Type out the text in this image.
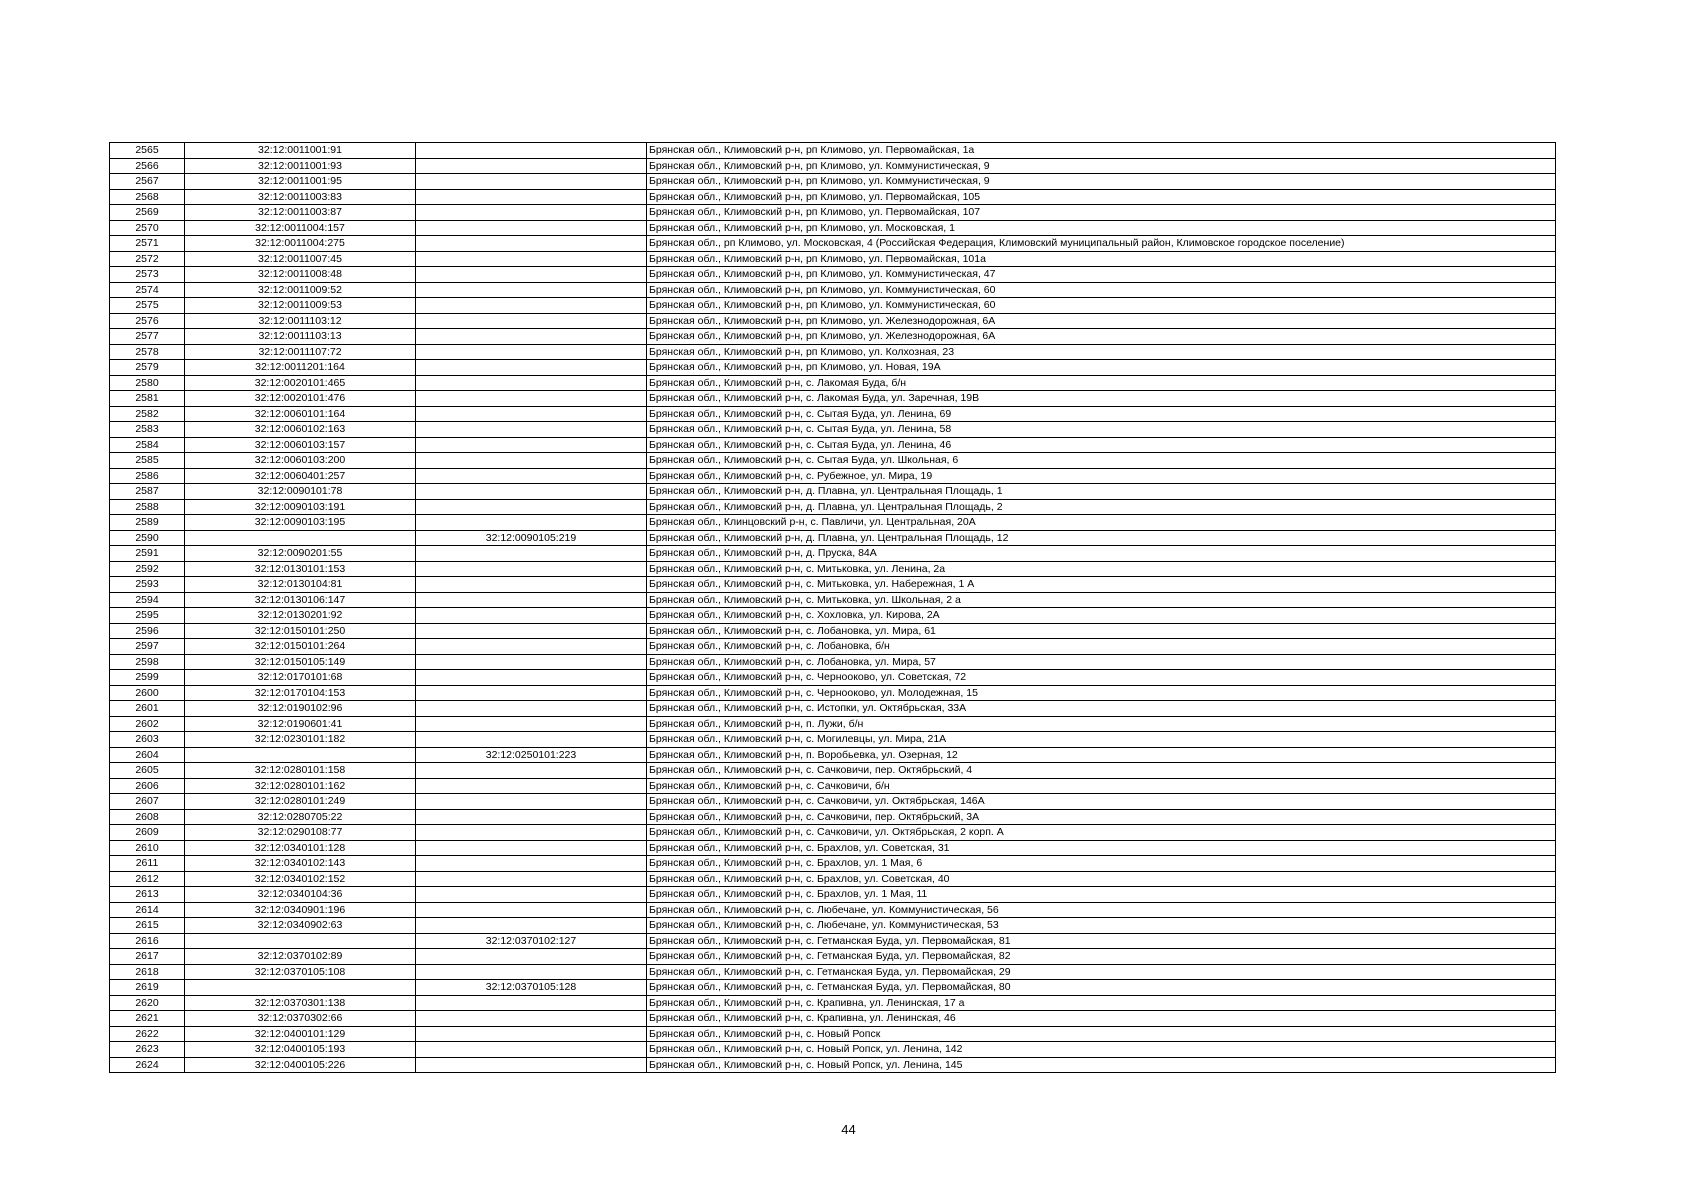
2565	32:12:0011001:91		Брянская обл., Климовский р-н, рп Климово, ул. Первомайская, 1а
2566	32:12:0011001:93		Брянская обл., Климовский р-н, рп Климово, ул. Коммунистическая, 9
2567	32:12:0011001:95		Брянская обл., Климовский р-н, рп Климово, ул. Коммунистическая, 9
2568	32:12:0011003:83		Брянская обл., Климовский р-н, рп Климово, ул. Первомайская, 105
2569	32:12:0011003:87		Брянская обл., Климовский р-н, рп Климово, ул. Первомайская, 107
2570	32:12:0011004:157		Брянская обл., Климовский р-н, рп Климово, ул. Московская, 1
2571	32:12:0011004:275		Брянская обл., рп Климово, ул. Московская, 4 (Российская Федерация, Климовский муниципальный район, Климовское городское поселение)
2572	32:12:0011007:45		Брянская обл., Климовский р-н, рп Климово, ул. Первомайская, 101а
2573	32:12:0011008:48		Брянская обл., Климовский р-н, рп Климово, ул. Коммунистическая, 47
2574	32:12:0011009:52		Брянская обл., Климовский р-н, рп Климово, ул. Коммунистическая, 60
2575	32:12:0011009:53		Брянская обл., Климовский р-н, рп Климово, ул. Коммунистическая, 60
2576	32:12:0011103:12		Брянская обл., Климовский р-н, рп Климово, ул. Железнодорожная, 6А
2577	32:12:0011103:13		Брянская обл., Климовский р-н, рп Климово, ул. Железнодорожная, 6А
2578	32:12:0011107:72		Брянская обл., Климовский р-н, рп Климово, ул. Колхозная, 23
2579	32:12:0011201:164		Брянская обл., Климовский р-н, рп Климово, ул. Новая, 19А
2580	32:12:0020101:465		Брянская обл., Климовский р-н, с. Лакомая Буда, б/н
2581	32:12:0020101:476		Брянская обл., Климовский р-н, с. Лакомая Буда, ул. Заречная, 19В
2582	32:12:0060101:164		Брянская обл., Климовский р-н, с. Сытая Буда, ул. Ленина, 69
2583	32:12:0060102:163		Брянская обл., Климовский р-н, с. Сытая Буда, ул. Ленина, 58
2584	32:12:0060103:157		Брянская обл., Климовский р-н, с. Сытая Буда, ул. Ленина, 46
2585	32:12:0060103:200		Брянская обл., Климовский р-н, с. Сытая Буда, ул. Школьная, 6
2586	32:12:0060401:257		Брянская обл., Климовский р-н, с. Рубежное, ул. Мира, 19
2587	32:12:0090101:78		Брянская обл., Климовский р-н, д. Плавна, ул. Центральная Площадь, 1
2588	32:12:0090103:191		Брянская обл., Климовский р-н, д. Плавна, ул. Центральная Площадь, 2
2589	32:12:0090103:195		Брянская обл., Клинцовский р-н, с. Павличи, ул. Центральная, 20А
2590		32:12:0090105:219	Брянская обл., Климовский р-н, д. Плавна, ул. Центральная Площадь, 12
2591	32:12:0090201:55		Брянская обл., Климовский р-н, д. Пруска, 84А
2592	32:12:0130101:153		Брянская обл., Климовский р-н, с. Митьковка, ул. Ленина, 2а
2593	32:12:0130104:81		Брянская обл., Климовский р-н, с. Митьковка, ул. Набережная, 1 А
2594	32:12:0130106:147		Брянская обл., Климовский р-н, с. Митьковка, ул. Школьная, 2 а
2595	32:12:0130201:92		Брянская обл., Климовский р-н, с. Хохловка, ул. Кирова, 2А
2596	32:12:0150101:250		Брянская обл., Климовский р-н, с. Лобановка, ул. Мира, 61
2597	32:12:0150101:264		Брянская обл., Климовский р-н, с. Лобановка, б/н
2598	32:12:0150105:149		Брянская обл., Климовский р-н, с. Лобановка, ул. Мира, 57
2599	32:12:0170101:68		Брянская обл., Климовский р-н, с. Чернооково, ул. Советская, 72
2600	32:12:0170104:153		Брянская обл., Климовский р-н, с. Чернооково, ул. Молодежная, 15
2601	32:12:0190102:96		Брянская обл., Климовский р-н, с. Истопки, ул. Октябрьская, 33А
2602	32:12:0190601:41		Брянская обл., Климовский р-н, п. Лужи, б/н
2603	32:12:0230101:182		Брянская обл., Климовский р-н, с. Могилевцы, ул. Мира, 21А
2604		32:12:0250101:223	Брянская обл., Климовский р-н, п. Воробьевка, ул. Озерная, 12
2605	32:12:0280101:158		Брянская обл., Климовский р-н, с. Сачковичи, пер. Октябрьский, 4
2606	32:12:0280101:162		Брянская обл., Климовский р-н, с. Сачковичи, б/н
2607	32:12:0280101:249		Брянская обл., Климовский р-н, с. Сачковичи, ул. Октябрьская, 146А
2608	32:12:0280705:22		Брянская обл., Климовский р-н, с. Сачковичи, пер. Октябрьский, 3А
2609	32:12:0290108:77		Брянская обл., Климовский р-н, с. Сачковичи, ул. Октябрьская, 2 корп. А
2610	32:12:0340101:128		Брянская обл., Климовский р-н, с. Брахлов, ул. Советская, 31
2611	32:12:0340102:143		Брянская обл., Климовский р-н, с. Брахлов, ул. 1 Мая, 6
2612	32:12:0340102:152		Брянская обл., Климовский р-н, с. Брахлов, ул. Советская, 40
2613	32:12:0340104:36		Брянская обл., Климовский р-н, с. Брахлов, ул. 1 Мая, 11
2614	32:12:0340901:196		Брянская обл., Климовский р-н, с. Любечане, ул. Коммунистическая, 56
2615	32:12:0340902:63		Брянская обл., Климовский р-н, с. Любечане, ул. Коммунистическая, 53
2616		32:12:0370102:127	Брянская обл., Климовский р-н, с. Гетманская Буда, ул. Первомайская, 81
2617	32:12:0370102:89		Брянская обл., Климовский р-н, с. Гетманская Буда, ул. Первомайская, 82
2618	32:12:0370105:108		Брянская обл., Климовский р-н, с. Гетманская Буда, ул. Первомайская, 29
2619		32:12:0370105:128	Брянская обл., Климовский р-н, с. Гетманская Буда, ул. Первомайская, 80
2620	32:12:0370301:138		Брянская обл., Климовский р-н, с. Крапивна, ул. Ленинская, 17 а
2621	32:12:0370302:66		Брянская обл., Климовский р-н, с. Крапивна, ул. Ленинская, 46
2622	32:12:0400101:129		Брянская обл., Климовский р-н, с. Новый Ропск
2623	32:12:0400105:193		Брянская обл., Климовский р-н, с. Новый Ропск, ул. Ленина, 142
2624	32:12:0400105:226		Брянская обл., Климовский р-н, с. Новый Ропск, ул. Ленина, 145
44
